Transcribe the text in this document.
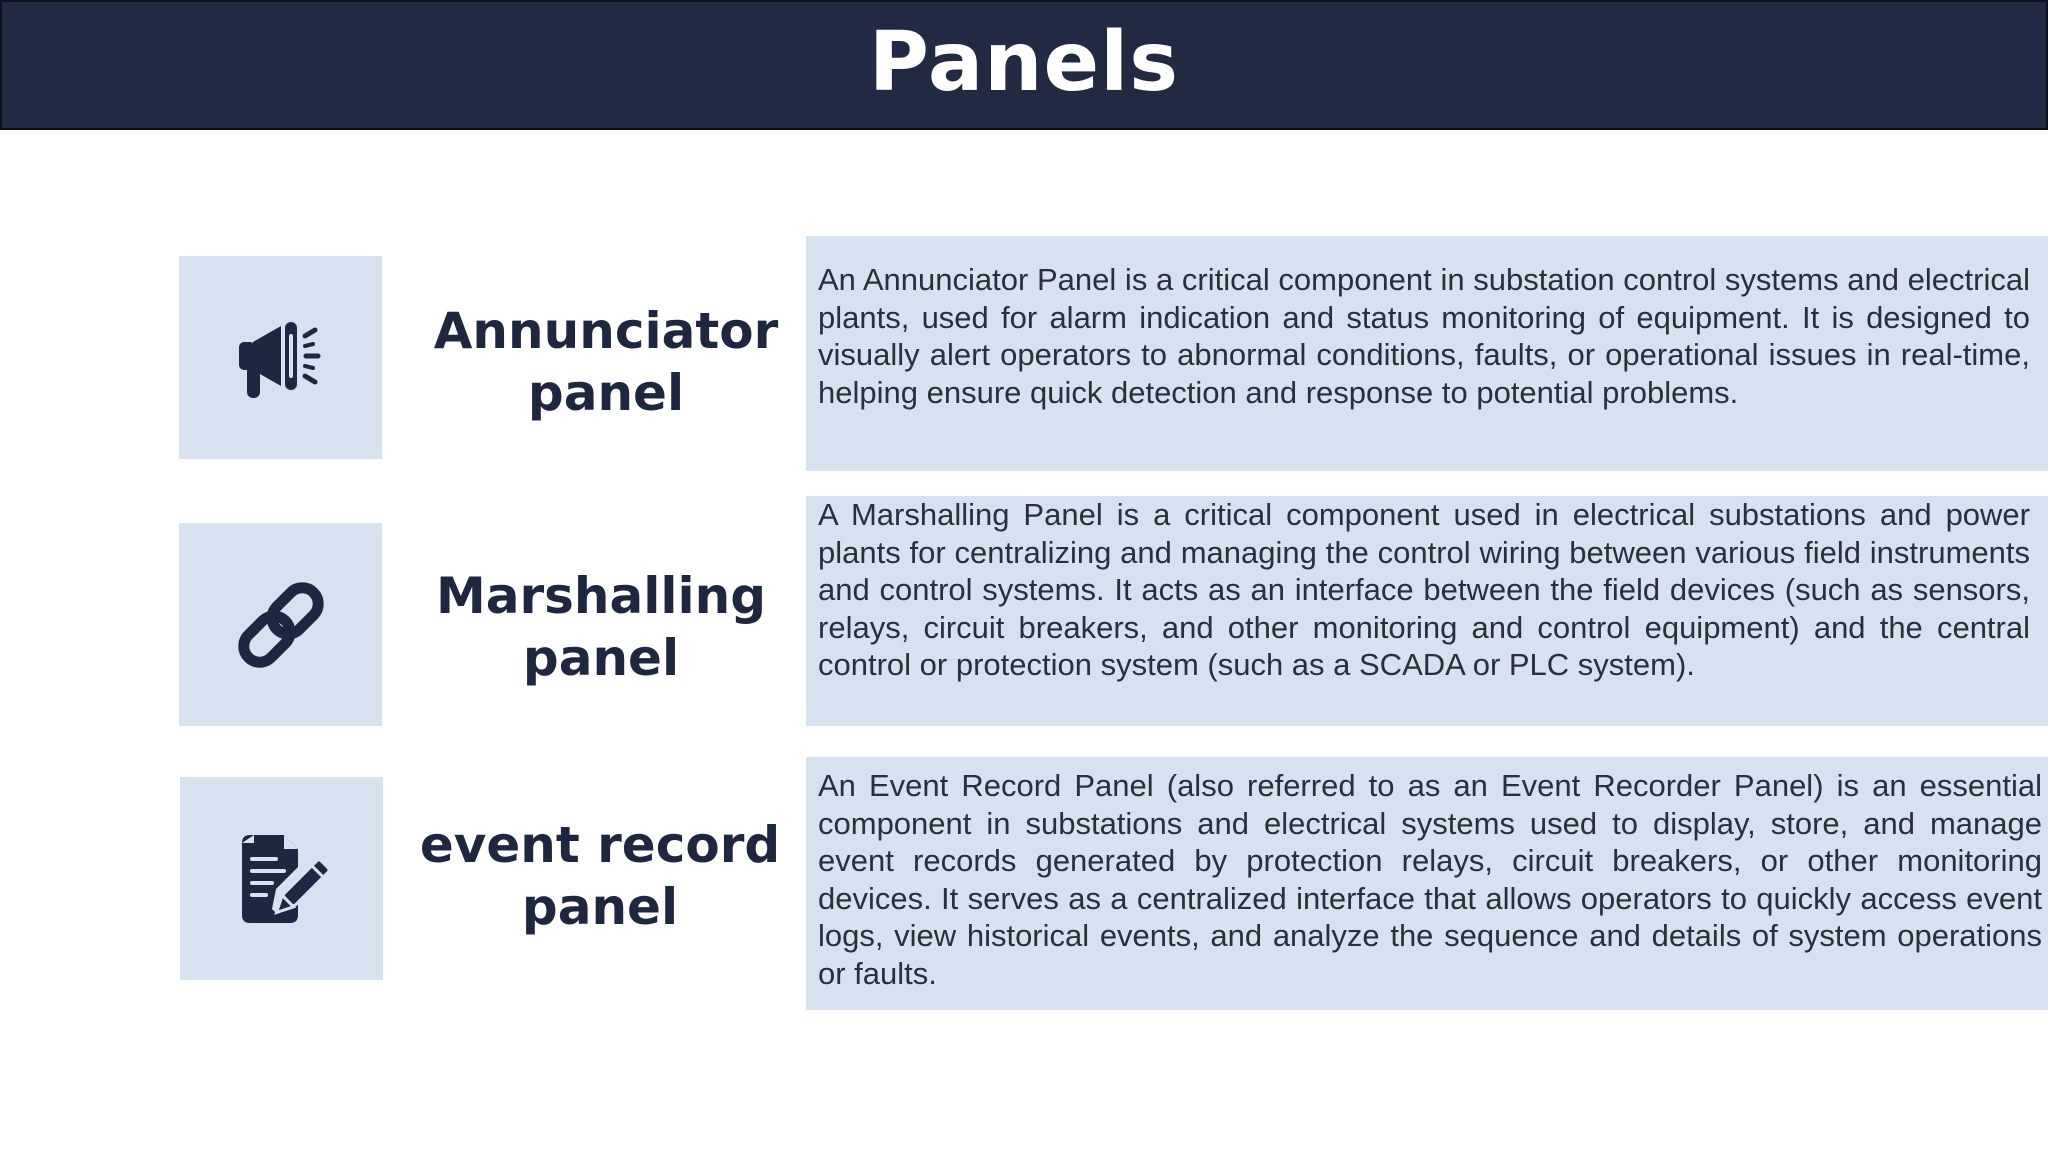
Panels
Annunciator
panel
An Annunciator Panel is a critical component in substation control systems and electrical plants, used for alarm indication and status monitoring of equipment. It is designed to visually alert operators to abnormal conditions, faults, or operational issues in real-time, helping ensure quick detection and response to potential problems.
Marshalling
panel
A Marshalling Panel is a critical component used in electrical substations and power plants for centralizing and managing the control wiring between various field instruments and control systems. It acts as an interface between the field devices (such as sensors, relays, circuit breakers, and other monitoring and control equipment) and the central control or protection system (such as a SCADA or PLC system).
event record
panel
An Event Record Panel (also referred to as an Event Recorder Panel) is an essential component in substations and electrical systems used to display, store, and manage event records generated by protection relays, circuit breakers, or other monitoring devices. It serves as a centralized interface that allows operators to quickly access event logs, view historical events, and analyze the sequence and details of system operations or faults.
